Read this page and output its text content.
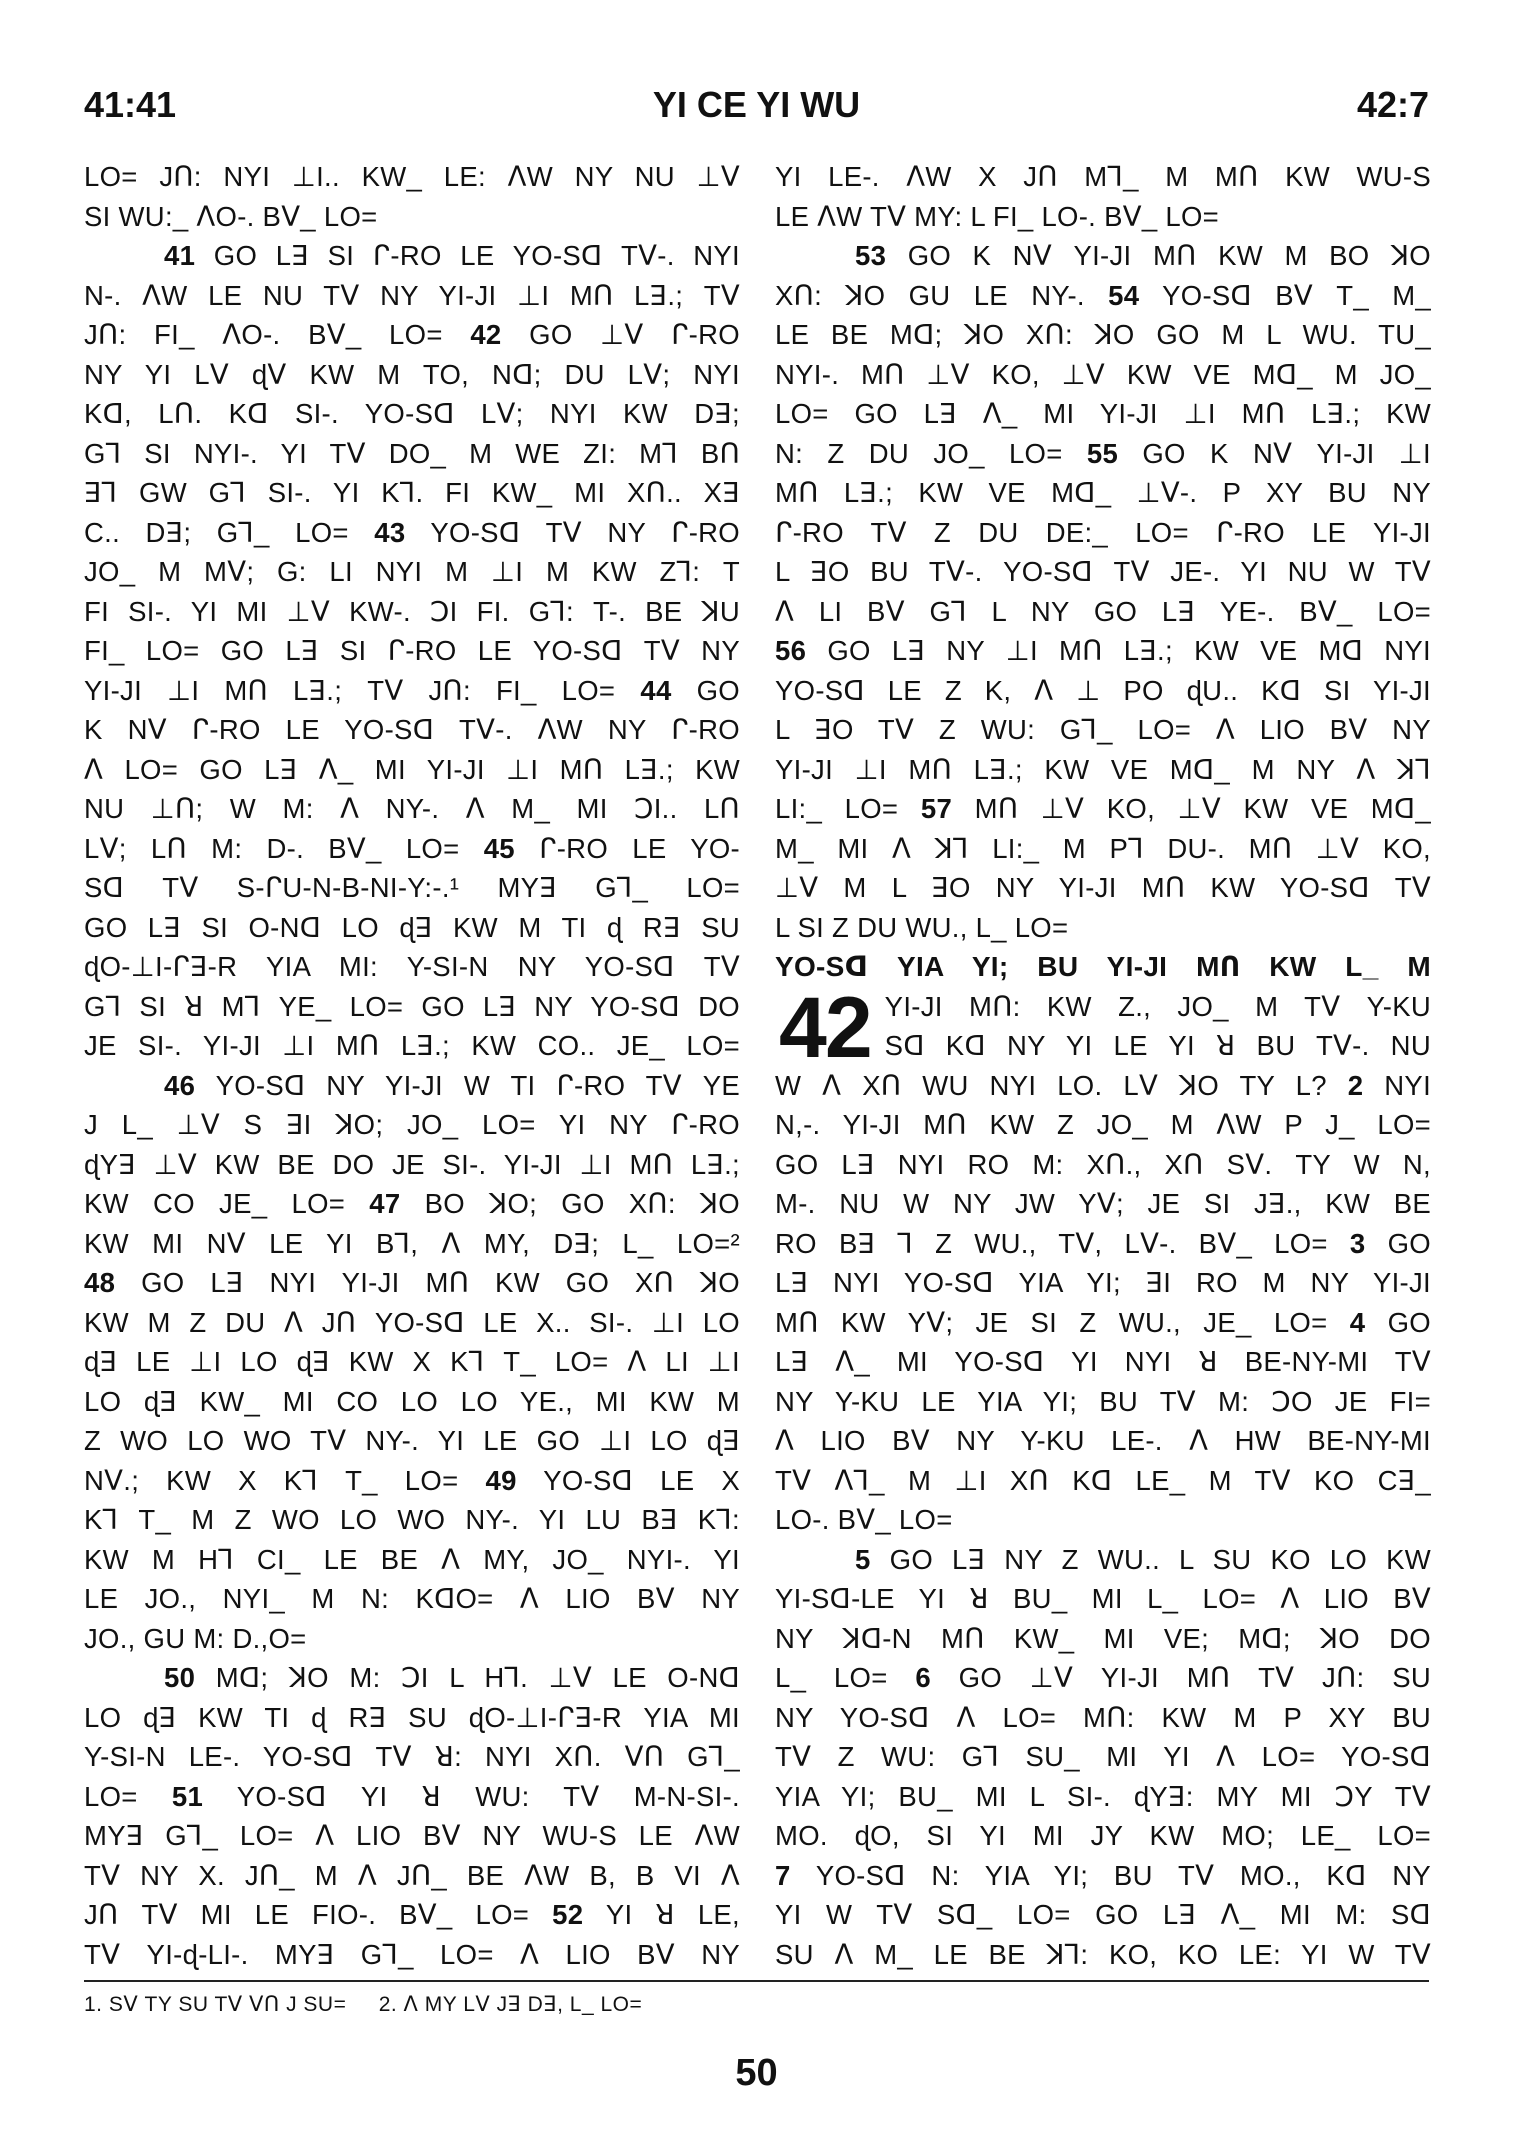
41:41	YI CE YI WU	42:7

LO= JՈ: NYI ⊥I.. KW_ LE: ᐱW NY NU ⊥ᐯ

SI WU:_ ᐱO-. Bᐯ_ LO=

41 GO Lꓱ SI ᒋ-RO LE YO-Sꓷ Tᐯ-. NYI

N-. ᐱW LE NU Tᐯ NY YI-JI ⊥I MՈ Lꓱ.; Tᐯ

JՈ: FI_ ᐱO-. Bᐯ_ LO= 42 GO ⊥ᐯ ᒋ-RO

NY YI Lᐯ ɖᐯ KW M TO, Nꓷ; DU Lᐯ; NYI

Kꓷ, LՈ. Kꓷ SI-. YO-Sꓷ Lᐯ; NYI KW Dꓱ;

Gꓶ SI NYI-. YI Tᐯ DO_ M WE ZI: Mꓶ BՈ

ꓱꓶ GW Gꓶ SI-. YI Kꓶ. FI KW_ MI XՈ.. Xꓱ

C.. Dꓱ; Gꓶ_ LO= 43 YO-Sꓷ Tᐯ NY ᒋ-RO

JO_ M Mᐯ; G: LI NYI M ⊥I M KW Zꓶ: T

FI SI-. YI MI ⊥ᐯ KW-. ꓛI FI. Gꓶ: T-. BE ꓘU

FI_ LO= GO Lꓱ SI ᒋ-RO LE YO-Sꓷ Tᐯ NY

YI-JI ⊥I MՈ Lꓱ.; Tᐯ JՈ: FI_ LO= 44 GO

K Nᐯ ᒋ-RO LE YO-Sꓷ Tᐯ-. ᐱW NY ᒋ-RO

ᐱ LO= GO Lꓱ ᐱ_ MI YI-JI ⊥I MՈ Lꓱ.; KW

NU ⊥Ո; W M: ᐱ NY-. ᐱ M_ MI ꓛI.. LՈ

Lᐯ; LՈ M: D-. Bᐯ_ LO= 45 ᒋ-RO LE YO-

Sꓷ Tᐯ S-ᒋU-N-B-NI-Y:-.¹ MYꓱ Gꓶ_ LO=

GO Lꓱ SI O-Nꓷ LO ɖꓱ KW M TI ɖ Rꓱ SU

ɖO-⊥I-ᒋꓱ-R YIA MI: Y-SI-N NY YO-Sꓷ Tᐯ

Gꓶ SI ꓤ Mꓶ YE_ LO= GO Lꓱ NY YO-Sꓷ DO

JE SI-. YI-JI ⊥I MՈ Lꓱ.; KW CO.. JE_ LO=

46 YO-Sꓷ NY YI-JI W TI ᒋ-RO Tᐯ YE

J L_ ⊥ᐯ S ꓱI ꓘO; JO_ LO= YI NY ᒋ-RO

ɖYꓱ ⊥ᐯ KW BE DO JE SI-. YI-JI ⊥I MՈ Lꓱ.;

KW CO JE_ LO= 47 BO ꓘO; GO XՈ: ꓘO

KW MI Nᐯ LE YI Bꓶ, ᐱ MY, Dꓱ; L_ LO=²

48 GO Lꓱ NYI YI-JI MՈ KW GO XՈ ꓘO

KW M Z DU ᐱ JՈ YO-Sꓷ LE X.. SI-. ⊥I LO

ɖꓱ LE ⊥I LO ɖꓱ KW X Kꓶ T_ LO= ᐱ LI ⊥I

LO ɖꓱ KW_ MI CO LO LO YE., MI KW M

Z WO LO WO Tᐯ NY-. YI LE GO ⊥I LO ɖꓱ

Nᐯ.; KW X Kꓶ T_ LO= 49 YO-Sꓷ LE X

Kꓶ T_ M Z WO LO WO NY-. YI LU Bꓱ Kꓶ:

KW M Hꓶ CI_ LE BE ᐱ MY, JO_ NYI-. YI

LE JO., NYI_ M N: KꓷO= ᐱ LIO Bᐯ NY

JO., GU M: D.,O=

50 Mꓷ; ꓘO M: ꓛI L Hꓶ. ⊥ᐯ LE O-Nꓷ

LO ɖꓱ KW TI ɖ Rꓱ SU ɖO-⊥I-ᒋꓱ-R YIA MI

Y-SI-N LE-. YO-Sꓷ Tᐯ ꓤ: NYI XՈ. ᐯՈ Gꓶ_

LO= 51 YO-Sꓷ YI ꓤ WU: Tᐯ M-N-SI-.

MYꓱ Gꓶ_ LO= ᐱ LIO Bᐯ NY WU-S LE ᐱW

Tᐯ NY X. JՈ_ M ᐱ JՈ_ BE ᐱW B, B VI ᐱ

JՈ Tᐯ MI LE FIO-. Bᐯ_ LO= 52 YI ꓤ LE,

Tᐯ YI-ɖ-LI-. MYꓱ Gꓶ_ LO= ᐱ LIO Bᐯ NY

YI LE-. ᐱW X JՈ Mꓶ_ M MՈ KW WU-S

LE ᐱW Tᐯ MY: L FI_ LO-. Bᐯ_ LO=

53 GO K Nᐯ YI-JI MՈ KW M BO ꓘO

XՈ: ꓘO GU LE NY-. 54 YO-Sꓷ Bᐯ T_ M_

LE BE Mꓷ; ꓘO XՈ: ꓘO GO M L WU. TU_

NYI-. MՈ ⊥ᐯ KO, ⊥ᐯ KW VE Mꓷ_ M JO_

LO= GO Lꓱ ᐱ_ MI YI-JI ⊥I MՈ Lꓱ.; KW

N: Z DU JO_ LO= 55 GO K Nᐯ YI-JI ⊥I

MՈ Lꓱ.; KW VE Mꓷ_ ⊥ᐯ-. P XY BU NY

ᒋ-RO Tᐯ Z DU DE:_ LO= ᒋ-RO LE YI-JI

L ꓱO BU Tᐯ-. YO-Sꓷ Tᐯ JE-. YI NU W Tᐯ

ᐱ LI Bᐯ Gꓶ L NY GO Lꓱ YE-. Bᐯ_ LO=

56 GO Lꓱ NY ⊥I MՈ Lꓱ.; KW VE Mꓷ NYI

YO-Sꓷ LE Z K, ᐱ ⊥ PO ɖU.. Kꓷ SI YI-JI

L ꓱO Tᐯ Z WU: Gꓶ_ LO= ᐱ LIO Bᐯ NY

YI-JI ⊥I MՈ Lꓱ.; KW VE Mꓷ_ M NY ᐱ ꓘꓶ

LI:_ LO= 57 MՈ ⊥ᐯ KO, ⊥ᐯ KW VE Mꓷ_

M_ MI ᐱ ꓘꓶ LI:_ M Pꓶ DU-. MՈ ⊥ᐯ KO,

⊥ᐯ M L ꓱO NY YI-JI MՈ KW YO-Sꓷ Tᐯ

L SI Z DU WU., L_ LO=

YO-Sꓷ YIA YI; BU YI-JI MՈ KW L_ M

42 YI-JI MՈ: KW Z., JO_ M Tᐯ Y-KU

Sꓷ Kꓷ NY YI LE YI ꓤ BU Tᐯ-. NU

W ᐱ XՈ WU NYI LO. Lᐯ ꓘO TY L? 2 NYI

N,-. YI-JI MՈ KW Z JO_ M ᐱW P J_ LO=

GO Lꓱ NYI RO M: XՈ., XՈ Sᐯ. TY W N,

M-. NU W NY JW Yᐯ; JE SI Jꓱ., KW BE

RO Bꓱ ꓶ Z WU., Tᐯ, Lᐯ-. Bᐯ_ LO= 3 GO

Lꓱ NYI YO-Sꓷ YIA YI; ꓱI RO M NY YI-JI

MՈ KW Yᐯ; JE SI Z WU., JE_ LO= 4 GO

Lꓱ ᐱ_ MI YO-Sꓷ YI NYI ꓤ BE-NY-MI Tᐯ

NY Y-KU LE YIA YI; BU Tᐯ M: ꓛO JE FI=

ᐱ LIO Bᐯ NY Y-KU LE-. ᐱ HW BE-NY-MI

Tᐯ ᐱꓶ_ M ⊥I XՈ Kꓷ LE_ M Tᐯ KO Cꓱ_

LO-. Bᐯ_ LO=

5 GO Lꓱ NY Z WU.. L SU KO LO KW

YI-Sꓷ-LE YI ꓤ BU_ MI L_ LO= ᐱ LIO Bᐯ

NY ꓘꓷ-N MՈ KW_ MI VE; Mꓷ; ꓘO DO

L_ LO= 6 GO ⊥ᐯ YI-JI MՈ Tᐯ JՈ: SU

NY YO-Sꓷ ᐱ LO= MՈ: KW M P XY BU

Tᐯ Z WU: Gꓶ SU_ MI YI ᐱ LO= YO-Sꓷ

YIA YI; BU_ MI L SI-. ɖYꓱ: MY MI ꓛY Tᐯ

MO. ɖO, SI YI MI JY KW MO; LE_ LO=

7 YO-Sꓷ N: YIA YI; BU Tᐯ MO., Kꓷ NY

YI W Tᐯ Sꓷ_ LO= GO Lꓱ ᐱ_ MI M: Sꓷ

SU ᐱ M_ LE BE ꓘꓶ: KO, KO LE: YI W Tᐯ

1. Sᐯ TY SU Tᐯ ᐯՈ J SU= 2. ᐱ MY Lᐯ Jꓱ Dꓱ, L_ LO=
50
